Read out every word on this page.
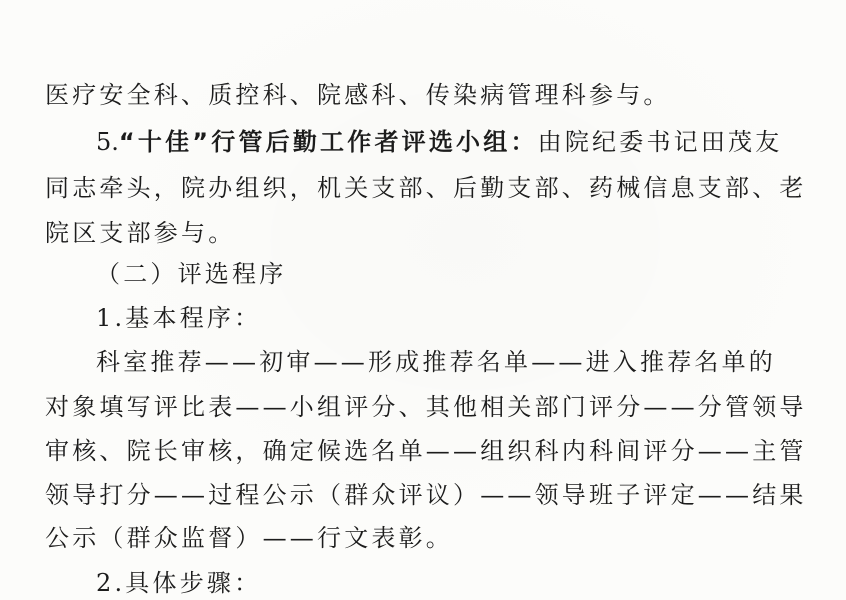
医疗安全科、质控科、院感科、传染病管理科参与。
5.“十佳”行管后勤工作者评选小组：由院纪委书记田茂友
同志牵头，院办组织，机关支部、后勤支部、药械信息支部、老
院区支部参与。
（二）评选程序
1.基本程序：
科室推荐——初审——形成推荐名单——进入推荐名单的
对象填写评比表——小组评分、其他相关部门评分——分管领导
审核、院长审核，确定候选名单——组织科内科间评分——主管
领导打分——过程公示（群众评议）——领导班子评定——结果
公示（群众监督）——行文表彰。
2.具体步骤：
